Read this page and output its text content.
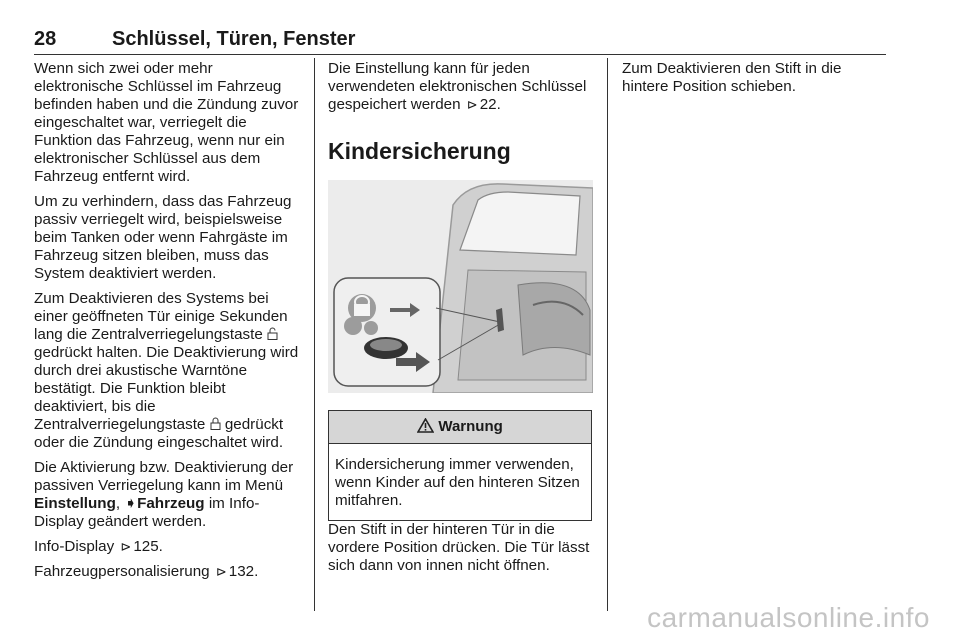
28	Schlüssel, Türen, Fenster

Wenn sich zwei oder mehr elektronische Schlüssel im Fahrzeug befinden haben und die Zündung zuvor eingeschaltet war, verriegelt die Funktion das Fahrzeug, wenn nur ein elektronischer Schlüssel aus dem Fahrzeug entfernt wird.

Um zu verhindern, dass das Fahrzeug passiv verriegelt wird, beispielsweise beim Tanken oder wenn Fahrgäste im Fahrzeug sitzen bleiben, muss das System deaktiviert werden.

Zum Deaktivieren des Systems bei einer geöffneten Tür einige Sekunden lang die Zentralverriegelungstaste  gedrückt halten. Die Deaktivierung wird durch drei akustische Warntöne bestätigt. Die Funktion bleibt deaktiviert, bis die Zentralverriegelungstaste gedrückt oder die Zündung eingeschaltet wird.

Die Aktivierung bzw. Deaktivierung der passiven Verriegelung kann im Menü Einstellung, ➧Fahrzeug im Info-Display geändert werden.

Info-Display ⊳ 125.

Fahrzeugpersonalisierung ⊳ 132.

Die Einstellung kann für jeden verwendeten elektronischen Schlüssel gespeichert werden ⊳ 22.

Kindersicherung
Warnung
Kindersicherung immer verwenden, wenn Kinder auf den hinteren Sitzen mitfahren.

Den Stift in der hinteren Tür in die vordere Position drücken. Die Tür lässt sich dann von innen nicht öffnen.

Zum Deaktivieren den Stift in die hintere Position schieben.

carmanualsonline.info
